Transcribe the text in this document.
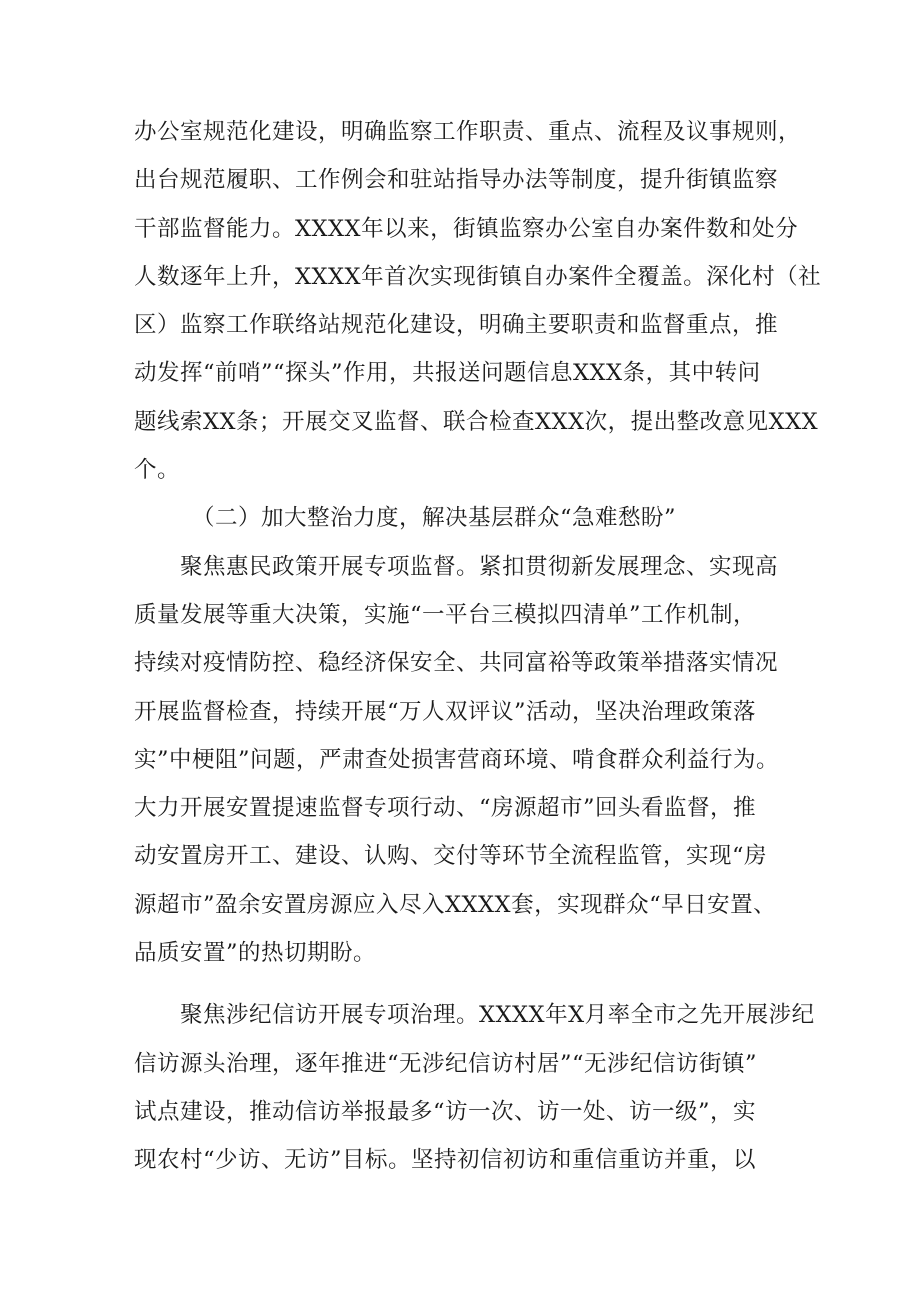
办公室规范化建设，明确监察工作职责、重点、流程及议事规则，
出台规范履职、工作例会和驻站指导办法等制度，提升街镇监察
干部监督能力。XXXX年以来，街镇监察办公室自办案件数和处分
人数逐年上升，XXXX年首次实现街镇自办案件全覆盖。深化村（社
区）监察工作联络站规范化建设，明确主要职责和监督重点，推
动发挥“前哨”“探头”作用，共报送问题信息XXX条，其中转问
题线索XX条；开展交叉监督、联合检查XXX次，提出整改意见XXX
个。
（二）加大整治力度，解决基层群众“急难愁盼”
聚焦惠民政策开展专项监督。紧扣贯彻新发展理念、实现高
质量发展等重大决策，实施“一平台三模拟四清单”工作机制，
持续对疫情防控、稳经济保安全、共同富裕等政策举措落实情况
开展监督检查，持续开展“万人双评议”活动，坚决治理政策落
实”中梗阻”问题，严肃查处损害营商环境、啃食群众利益行为。
大力开展安置提速监督专项行动、“房源超市”回头看监督，推
动安置房开工、建设、认购、交付等环节全流程监管，实现“房
源超市”盈余安置房源应入尽入XXXX套，实现群众“早日安置、
品质安置”的热切期盼。
聚焦涉纪信访开展专项治理。XXXX年X月率全市之先开展涉纪
信访源头治理，逐年推进“无涉纪信访村居”“无涉纪信访街镇”
试点建设，推动信访举报最多“访一次、访一处、访一级”，实
现农村“少访、无访”目标。坚持初信初访和重信重访并重，以
